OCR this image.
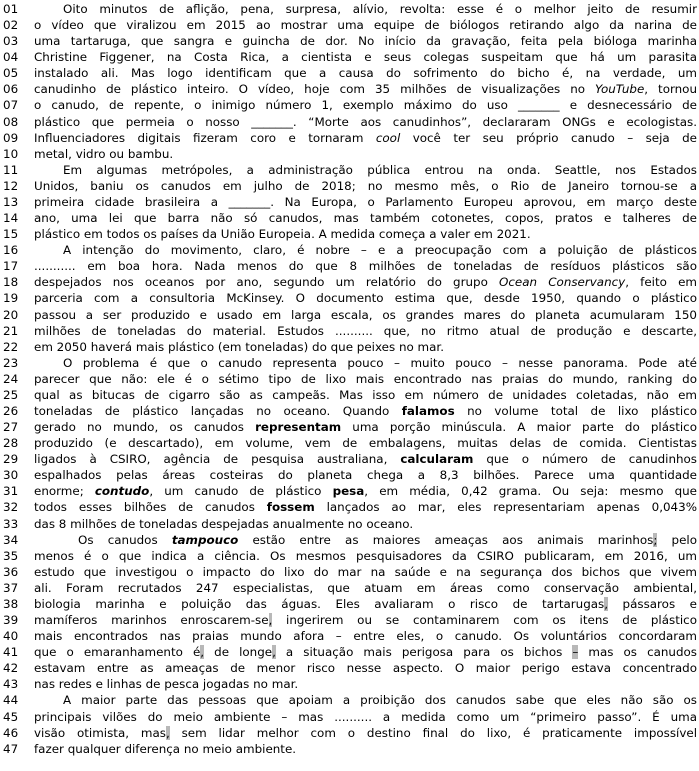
01	Oito minutos de aflição, pena, surpresa, alívio, revolta: esse é o melhor jeito de resumir
02	o vídeo que viralizou em 2015 ao mostrar uma equipe de biólogos retirando algo da narina de
03	uma tartaruga, que sangra e guincha de dor. No início da gravação, feita pela bióloga marinha
04	Christine Figgener, na Costa Rica, a cientista e seus colegas suspeitam que há um parasita
05	instalado ali. Mas logo identificam que a causa do sofrimento do bicho é, na verdade, um
06	canudinho de plástico inteiro. O vídeo, hoje com 35 milhões de visualizações no YouTube, tornou
07	o canudo, de repente, o inimigo número 1, exemplo máximo do uso _______ e desnecessário de
08	plástico que permeia o nosso _______. “Morte aos canudinhos”, declararam ONGs e ecologistas.
09	Influenciadores digitais fizeram coro e tornaram cool você ter seu próprio canudo – seja de
10	metal, vidro ou bambu.
11	Em algumas metrópoles, a administração pública entrou na onda. Seattle, nos Estados
12	Unidos, baniu os canudos em julho de 2018; no mesmo mês, o Rio de Janeiro tornou-se a
13	primeira cidade brasileira a _______. Na Europa, o Parlamento Europeu aprovou, em março deste
14	ano, uma lei que barra não só canudos, mas também cotonetes, copos, pratos e talheres de
15	plástico em todos os países da União Europeia. A medida começa a valer em 2021.
16	A intenção do movimento, claro, é nobre – e a preocupação com a poluição de plásticos
17	........... em boa hora. Nada menos do que 8 milhões de toneladas de resíduos plásticos são
18	despejados nos oceanos por ano, segundo um relatório do grupo Ocean Conservancy, feito em
19	parceria com a consultoria McKinsey. O documento estima que, desde 1950, quando o plástico
20	passou a ser produzido e usado em larga escala, os grandes mares do planeta acumularam 150
21	milhões de toneladas do material. Estudos .......... que, no ritmo atual de produção e descarte,
22	em 2050 haverá mais plástico (em toneladas) do que peixes no mar.
23	O problema é que o canudo representa pouco – muito pouco – nesse panorama. Pode até
24	parecer que não: ele é o sétimo tipo de lixo mais encontrado nas praias do mundo, ranking do
25	qual as bitucas de cigarro são as campeãs. Mas isso em número de unidades coletadas, não em
26	toneladas de plástico lançadas no oceano. Quando falamos no volume total de lixo plástico
27	gerado no mundo, os canudos representam uma porção minúscula. A maior parte do plástico
28	produzido (e descartado), em volume, vem de embalagens, muitas delas de comida. Cientistas
29	ligados à CSIRO, agência de pesquisa australiana, calcularam que o número de canudinhos
30	espalhados pelas áreas costeiras do planeta chega a 8,3 bilhões. Parece uma quantidade
31	enorme; contudo, um canudo de plástico pesa, em média, 0,42 grama. Ou seja: mesmo que
32	todos esses bilhões de canudos fossem lançados ao mar, eles representariam apenas 0,043%
33	das 8 milhões de toneladas despejadas anualmente no oceano.
34	Os canudos tampouco estão entre as maiores ameaças aos animais marinhos; pelo
35	menos é o que indica a ciência. Os mesmos pesquisadores da CSIRO publicaram, em 2016, um
36	estudo que investigou o impacto do lixo do mar na saúde e na segurança dos bichos que vivem
37	ali. Foram recrutados 247 especialistas, que atuam em áreas como conservação ambiental,
38	biologia marinha e poluição das águas. Eles avaliaram o risco de tartarugas, pássaros e
39	mamíferos marinhos enroscarem-se, ingerirem ou se contaminarem com os itens de plástico
40	mais encontrados nas praias mundo afora – entre eles, o canudo. Os voluntários concordaram
41	que o emaranhamento é, de longe, a situação mais perigosa para os bichos – mas os canudos
42	estavam entre as ameaças de menor risco nesse aspecto. O maior perigo estava concentrado
43	nas redes e linhas de pesca jogadas no mar.
44	A maior parte das pessoas que apoiam a proibição dos canudos sabe que eles não são os
45	principais vilões do meio ambiente – mas .......... a medida como um “primeiro passo”. É uma
46	visão otimista, mas, sem lidar melhor com o destino final do lixo, é praticamente impossível
47	fazer qualquer diferença no meio ambiente.
